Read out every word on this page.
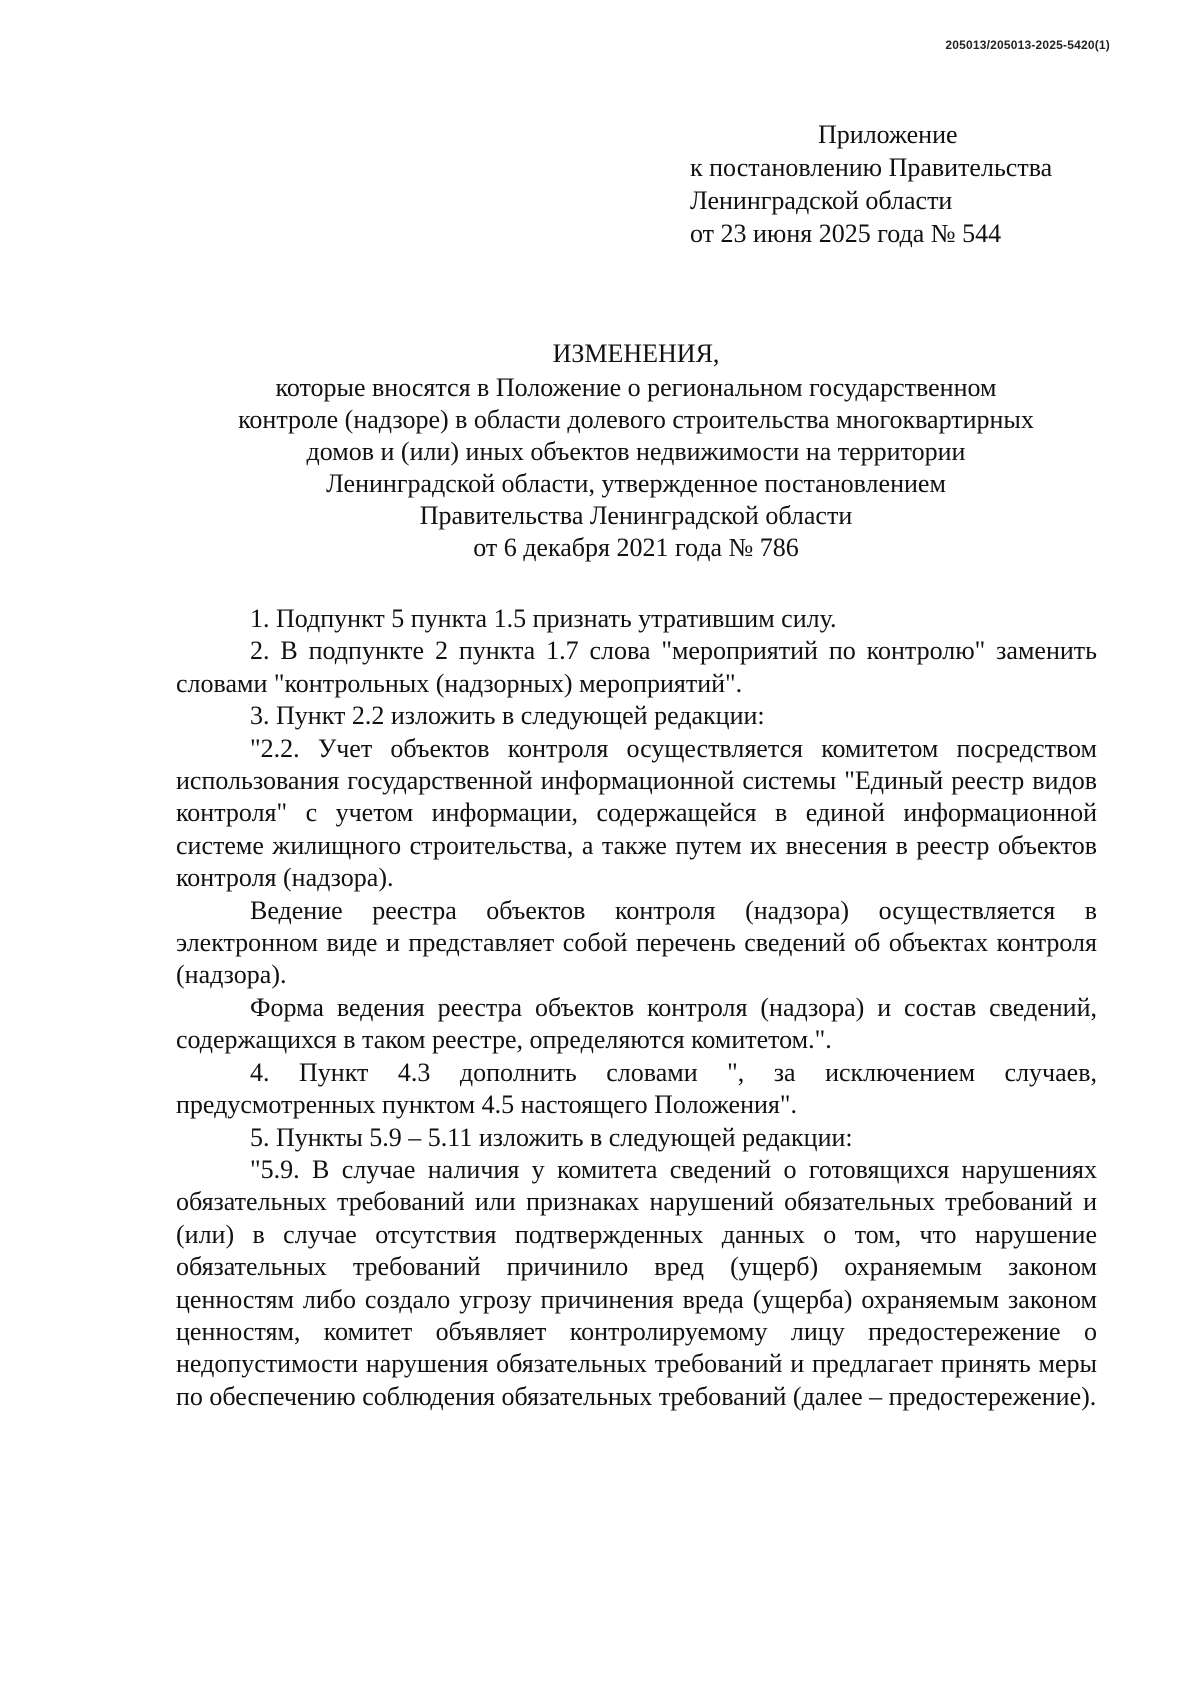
205013/205013-2025-5420(1)
Приложение
к постановлению Правительства
Ленинградской области
от 23 июня 2025 года № 544
ИЗМЕНЕНИЯ,
которые вносятся в Положение о региональном государственном
контроле (надзоре) в области долевого строительства многоквартирных
домов и (или) иных объектов недвижимости на территории
Ленинградской области, утвержденное постановлением
Правительства Ленинградской области
от 6 декабря 2021 года № 786

1. Подпункт 5 пункта 1.5 признать утратившим силу.

2. В подпункте 2 пункта 1.7 слова "мероприятий по контролю" заменить словами "контрольных (надзорных) мероприятий".

3. Пункт 2.2 изложить в следующей редакции:

"2.2. Учет объектов контроля осуществляется комитетом посредством использования государственной информационной системы "Единый реестр видов контроля" с учетом информации, содержащейся в единой информационной системе жилищного строительства, а также путем их внесения в реестр объектов контроля (надзора).

Ведение реестра объектов контроля (надзора) осуществляется в электронном виде и представляет собой перечень сведений об объектах контроля (надзора).

Форма ведения реестра объектов контроля (надзора) и состав сведений, содержащихся в таком реестре, определяются комитетом.".

4. Пункт 4.3 дополнить словами ", за исключением случаев, предусмотренных пунктом 4.5 настоящего Положения".

5. Пункты 5.9 – 5.11 изложить в следующей редакции:

"5.9. В случае наличия у комитета сведений о готовящихся нарушениях обязательных требований или признаках нарушений обязательных требований и (или) в случае отсутствия подтвержденных данных о том, что нарушение обязательных требований причинило вред (ущерб) охраняемым законом ценностям либо создало угрозу причинения вреда (ущерба) охраняемым законом ценностям, комитет объявляет контролируемому лицу предостережение о недопустимости нарушения обязательных требований и предлагает принять меры по обеспечению соблюдения обязательных требований (далее – предостережение).
